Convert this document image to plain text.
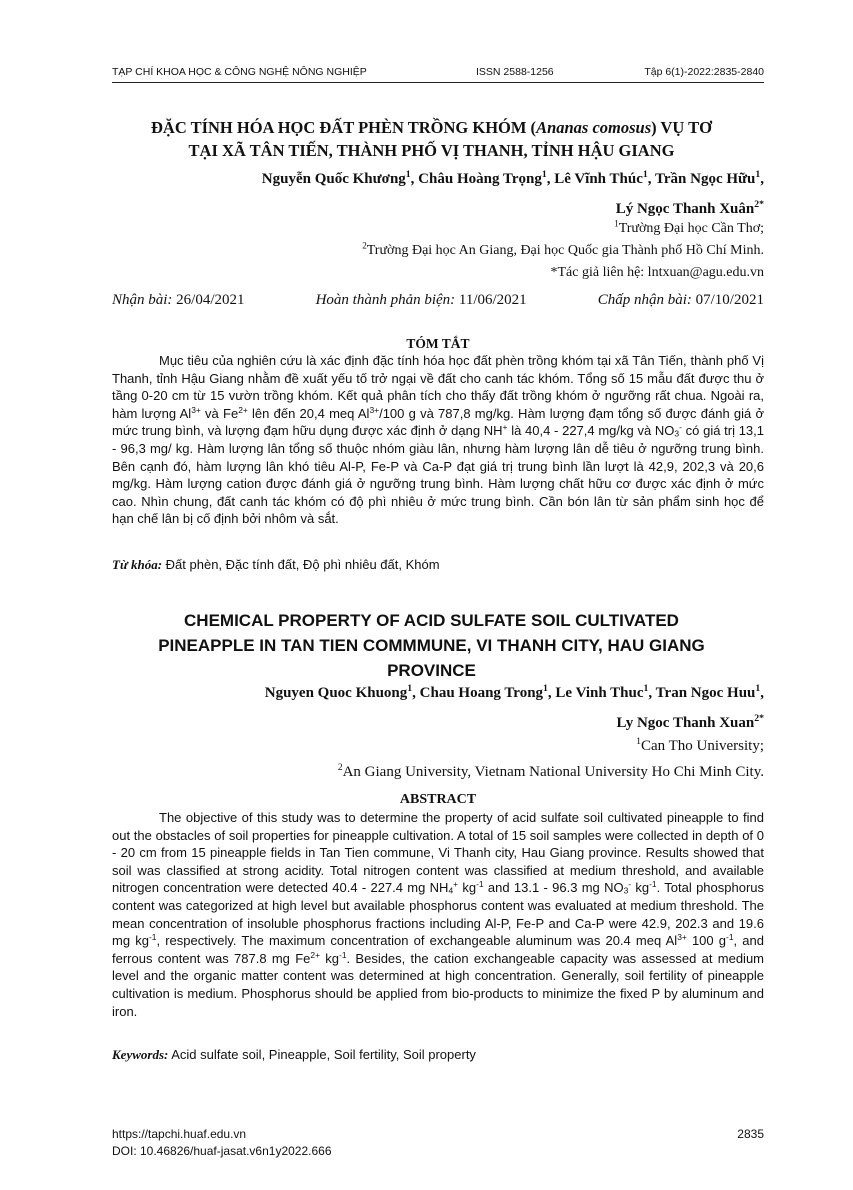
TẠP CHÍ KHOA HỌC & CÔNG NGHỆ NÔNG NGHIỆP	ISSN 2588-1256	Tập 6(1)-2022:2835-2840
ĐẶC TÍNH HÓA HỌC ĐẤT PHÈN TRỒNG KHÓM (Ananas comosus) VỤ TƠ
TẠI XÃ TÂN TIẾN, THÀNH PHỐ VỊ THANH, TỈNH HẬU GIANG
Nguyễn Quốc Khương$^1$, Châu Hoàng Trọng$^1$, Lê Vĩnh Thúc$^1$, Trần Ngọc Hữu$^1$,
Lý Ngọc Thanh Xuân$^{2*}$
$^1$Trường Đại học Cần Thơ;
$^2$Trường Đại học An Giang, Đại học Quốc gia Thành phố Hồ Chí Minh.
*Tác giả liên hệ: lntxuan@agu.edu.vn
Nhận bài: 26/04/2021	Hoàn thành phản biện: 11/06/2021	Chấp nhận bài: 07/10/2021
TÓM TẮT

Mục tiêu của nghiên cứu là xác định đặc tính hóa học đất phèn trồng khóm tại xã Tân Tiến, thành phố Vị Thanh, tỉnh Hậu Giang nhằm đề xuất yếu tố trở ngại về đất cho canh tác khóm. Tổng số 15 mẫu đất được thu ở tầng 0-20 cm từ 15 vườn trồng khóm. Kết quả phân tích cho thấy đất trồng khóm ở ngưỡng rất chua. Ngoài ra, hàm lượng $Al^{3+}$ và $Fe^{2+}$ lên đến 20,4 meq $Al^{3+}/100$ g và 787,8 mg/kg. Hàm lượng đạm tổng số được đánh giá ở mức trung bình, và lượng đạm hữu dụng được xác định ở dạng NH+ là 40,4 - 227,4 mg/kg và $NO_3^-$ có giá trị 13,1 - 96,3 mg/ kg. Hàm lượng lân tổng số thuộc nhóm giàu lân, nhưng hàm lượng lân dễ tiêu ở ngưỡng trung bình. Bên cạnh đó, hàm lượng lân khó tiêu Al-P, Fe-P và Ca-P đạt giá trị trung bình lần lượt là 42,9, 202,3 và 20,6 mg/kg. Hàm lượng cation được đánh giá ở ngưỡng trung bình. Hàm lượng chất hữu cơ được xác định ở mức cao. Nhìn chung, đất canh tác khóm có độ phì nhiêu ở mức trung bình. Cần bón lân từ sản phẩm sinh học để hạn chế lân bị cố định bởi nhôm và sắt.

Từ khóa: Đất phèn, Đặc tính đất, Độ phì nhiêu đất, Khóm
CHEMICAL PROPERTY OF ACID SULFATE SOIL CULTIVATED
PINEAPPLE IN TAN TIEN COMMMUNE, VI THANH CITY, HAU GIANG
PROVINCE
Nguyen Quoc Khuong$^1$, Chau Hoang Trong$^1$, Le Vinh Thuc$^1$, Tran Ngoc Huu$^1$,
Ly Ngoc Thanh Xuan$^{2*}$
$^1$Can Tho University;
$^2$An Giang University, Vietnam National University Ho Chi Minh City.
ABSTRACT

The objective of this study was to determine the property of acid sulfate soil cultivated pineapple to find out the obstacles of soil properties for pineapple cultivation. A total of 15 soil samples were collected in depth of 0 - 20 cm from 15 pineapple fields in Tan Tien commune, Vi Thanh city, Hau Giang province. Results showed that soil was classified at strong acidity. Total nitrogen content was classified at medium threshold, and available nitrogen concentration were detected 40.4 - 227.4 mg $NH_4^+$ $kg^{-1}$ and 13.1 - 96.3 mg $NO_3^-$ $kg^{-1}$. Total phosphorus content was categorized at high level but available phosphorus content was evaluated at medium threshold. The mean concentration of insoluble phosphorus fractions including Al-P, Fe-P and Ca-P were 42.9, 202.3 and 19.6 mg $kg^{-1}$, respectively. The maximum concentration of exchangeable aluminum was 20.4 meq $Al^{3+}$ 100 $g^{-1}$, and ferrous content was 787.8 mg $Fe^{2+}$ $kg^{-1}$. Besides, the cation exchangeable capacity was assessed at medium level and the organic matter content was determined at high concentration. Generally, soil fertility of pineapple cultivation is medium. Phosphorus should be applied from bio-products to minimize the fixed P by aluminum and iron.

Keywords: Acid sulfate soil, Pineapple, Soil fertility, Soil property
https://tapchi.huaf.edu.vn
DOI: 10.46826/huaf-jasat.v6n1y2022.666
2835
